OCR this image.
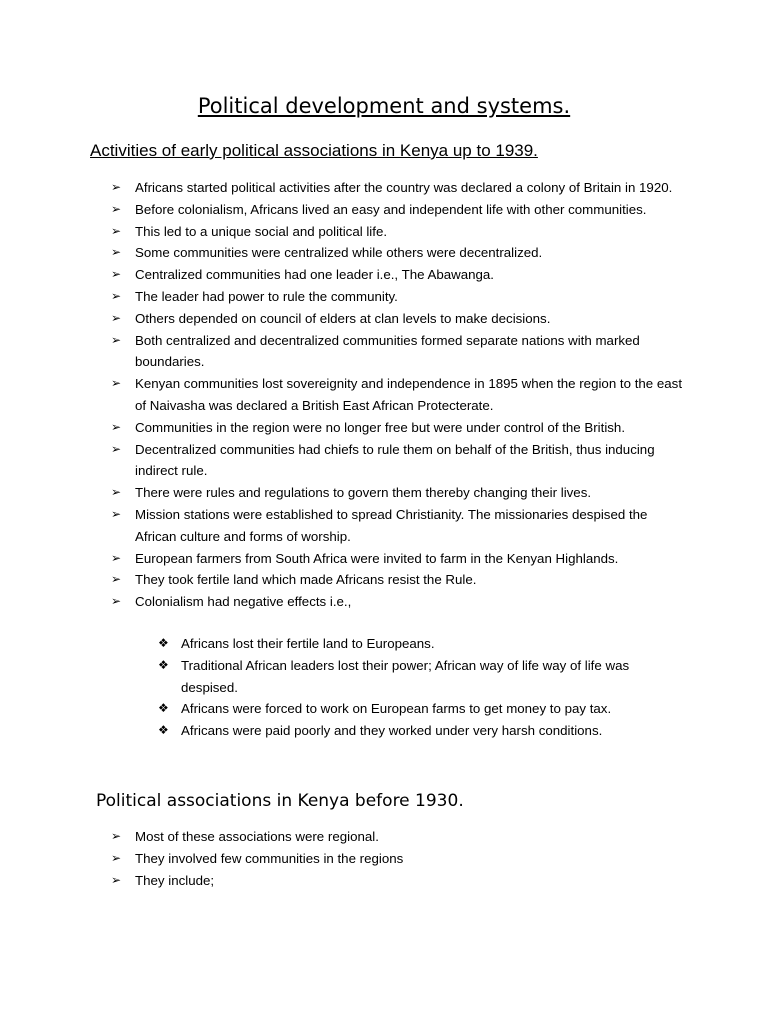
Political development and systems.
Activities of early political associations in Kenya up to 1939.
➢ Africans started political activities after the country was declared a colony of Britain in 1920.
➢ Before colonialism, Africans lived an easy and independent life with other communities.
➢ This led to a unique social and political life.
➢ Some communities were centralized while others were decentralized.
➢ Centralized communities had one leader i.e., The Abawanga.
➢ The leader had power to rule the community.
➢ Others depended on council of elders at clan levels to make decisions.
➢ Both centralized and decentralized communities formed separate nations with marked boundaries.
➢ Kenyan communities lost sovereignity and independence in 1895 when the region to the east of Naivasha was declared a British East African Protecterate.
➢ Communities in the region were no longer free but were under control of the British.
➢ Decentralized communities had chiefs to rule them on behalf of the British, thus inducing indirect rule.
➢ There were rules and regulations to govern them thereby changing their lives.
➢ Mission stations were established to spread Christianity. The missionaries despised the African culture and forms of worship.
➢ European farmers from South Africa were invited to farm in the Kenyan Highlands.
➢ They took fertile land which made Africans resist the Rule.
➢ Colonialism had negative effects i.e.,
❖ Africans lost their fertile land to Europeans.
❖ Traditional African leaders lost their power; African way of life way of life was despised.
❖ Africans were forced to work on European farms to get money to pay tax.
❖ Africans were paid poorly and they worked under very harsh conditions.
Political associations in Kenya before 1930.
➢ Most of these associations were regional.
➢ They involved few communities in the regions
➢ They include;
